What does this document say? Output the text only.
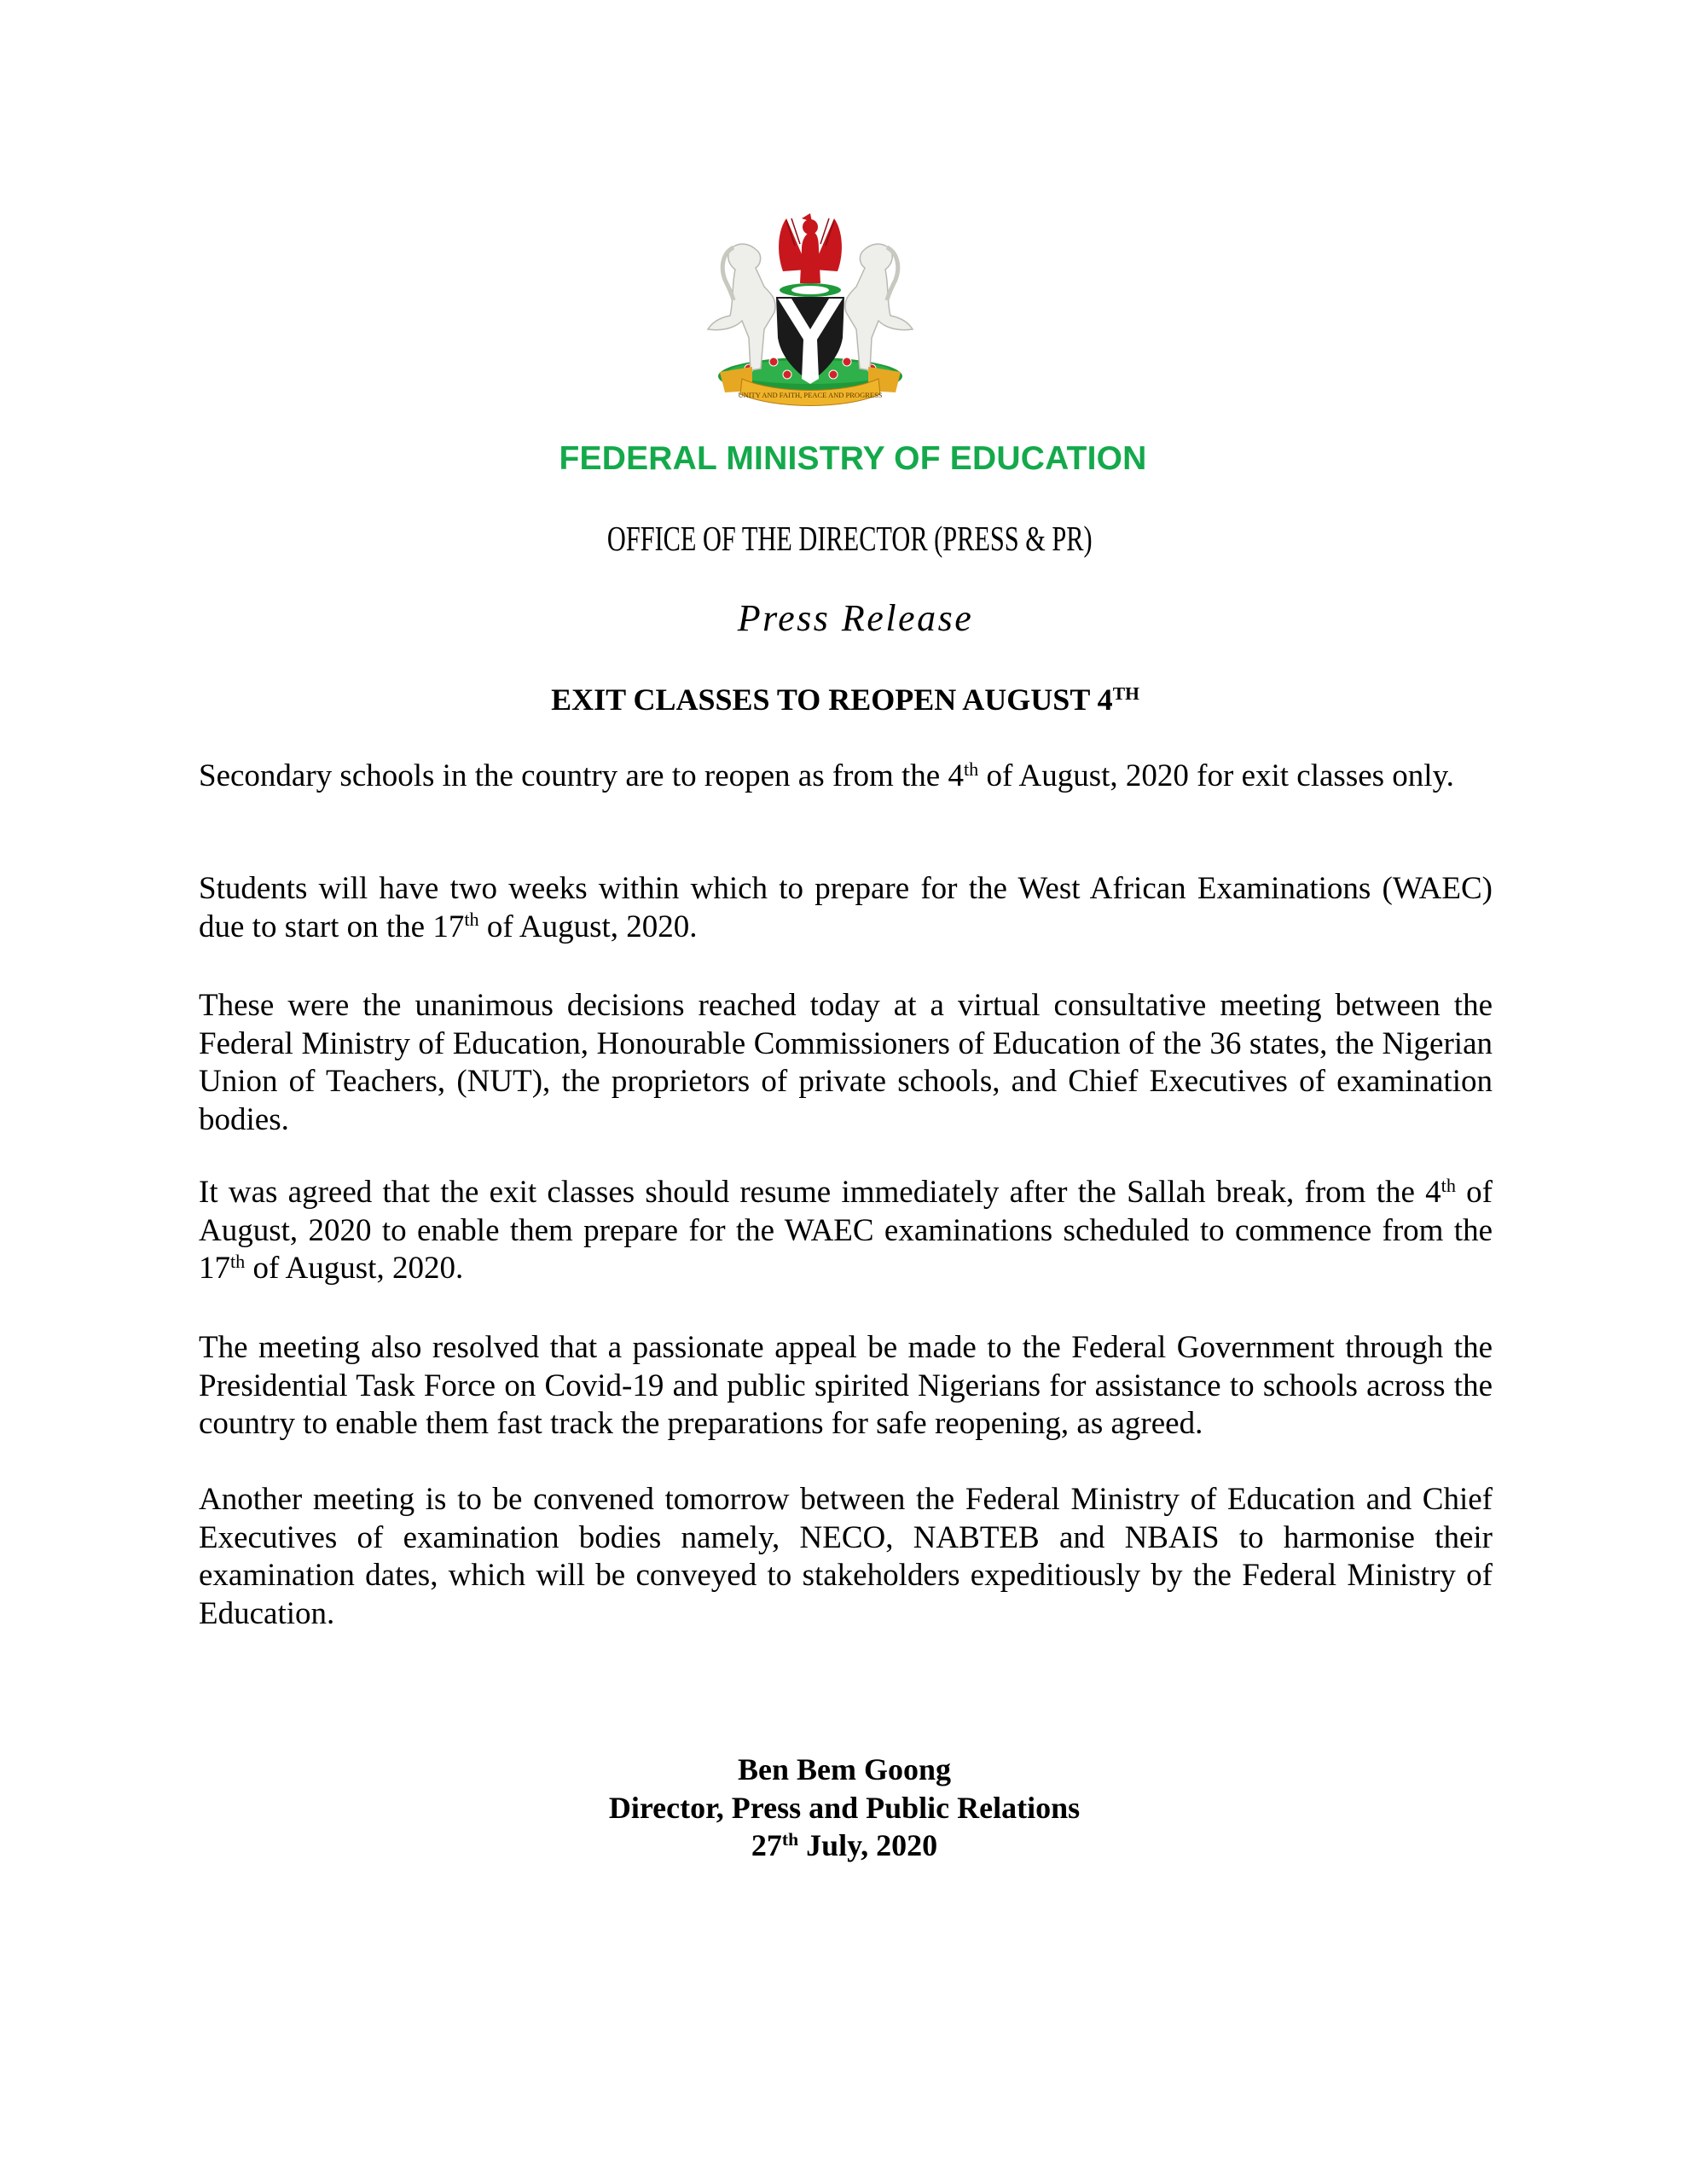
UNITY AND FAITH, PEACE AND PROGRESS
FEDERAL MINISTRY OF EDUCATION
OFFICE OF THE DIRECTOR (PRESS & PR)
Press Release
EXIT CLASSES TO REOPEN AUGUST 4TH

Secondary schools in the country are to reopen as from the 4th of August, 2020 for exit classes only.

Students will have two weeks within which to prepare for the West African Examinations (WAEC) due to start on the 17th of August, 2020.

These were the unanimous decisions reached today at a virtual consultative meeting between the Federal Ministry of Education, Honourable Commissioners of Education of the 36 states, the Nigerian Union of Teachers, (NUT), the proprietors of private schools, and Chief Executives of examination bodies.

It was agreed that the exit classes should resume immediately after the Sallah break, from the 4th of August, 2020 to enable them prepare for the WAEC examinations scheduled to commence from the 17th of August, 2020.

The meeting also resolved that a passionate appeal be made to the Federal Government through the Presidential Task Force on Covid-19 and public spirited Nigerians for assistance to schools across the country to enable them fast track the preparations for safe reopening, as agreed.

Another meeting is to be convened tomorrow between the Federal Ministry of Education and Chief Executives of examination bodies namely, NECO, NABTEB and NBAIS to harmonise their examination dates, which will be conveyed to stakeholders expeditiously by the Federal Ministry of Education.

Ben Bem Goong
Director, Press and Public Relations
27th July, 2020
